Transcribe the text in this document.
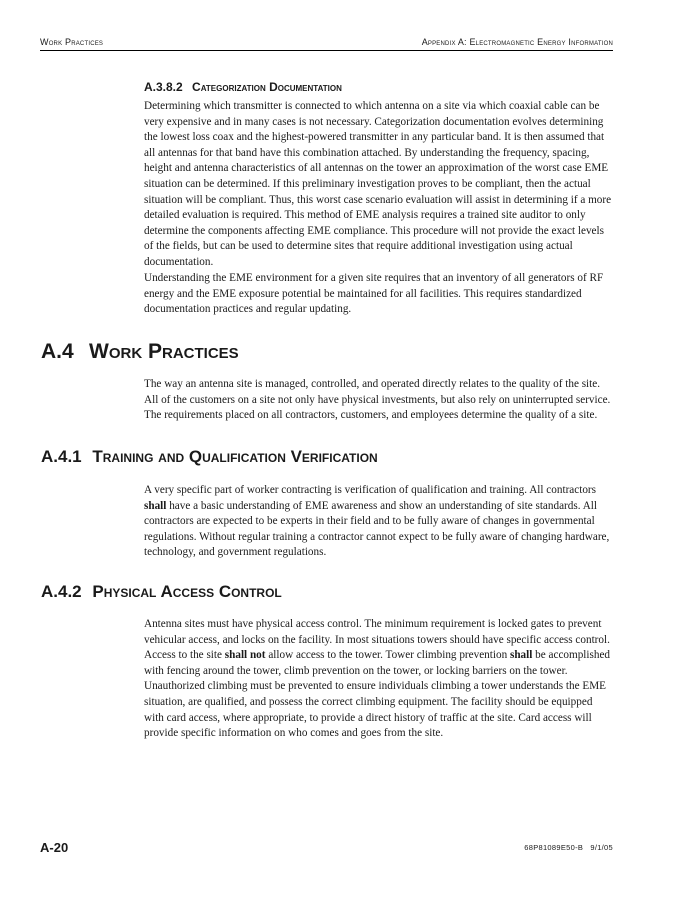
Work Practices	Appendix A: Electromagnetic Energy Information
A.3.8.2 Categorization Documentation

Determining which transmitter is connected to which antenna on a site via which coaxial cable can be very expensive and in many cases is not necessary. Categorization documentation evolves determining the lowest loss coax and the highest-powered transmitter in any particular band. It is then assumed that all antennas for that band have this combination attached. By understanding the frequency, spacing, height and antenna characteristics of all antennas on the tower an approximation of the worst case EME situation can be determined. If this preliminary investigation proves to be compliant, then the actual situation will be compliant. Thus, this worst case scenario evaluation will assist in determining if a more detailed evaluation is required. This method of EME analysis requires a trained site auditor to only determine the components affecting EME compliance. This procedure will not provide the exact levels of the fields, but can be used to determine sites that require additional investigation using actual documentation.

Understanding the EME environment for a given site requires that an inventory of all generators of RF energy and the EME exposure potential be maintained for all facilities. This requires standardized documentation practices and regular updating.

A.4 Work Practices

The way an antenna site is managed, controlled, and operated directly relates to the quality of the site. All of the customers on a site not only have physical investments, but also rely on uninterrupted service. The requirements placed on all contractors, customers, and employees determine the quality of a site.

A.4.1 Training and Qualification Verification

A very specific part of worker contracting is verification of qualification and training. All contractors shall have a basic understanding of EME awareness and show an understanding of site standards. All contractors are expected to be experts in their field and to be fully aware of changes in governmental regulations. Without regular training a contractor cannot expect to be fully aware of changing hardware, technology, and government regulations.

A.4.2 Physical Access Control

Antenna sites must have physical access control. The minimum requirement is locked gates to prevent vehicular access, and locks on the facility. In most situations towers should have specific access control. Access to the site shall not allow access to the tower. Tower climbing prevention shall be accomplished with fencing around the tower, climb prevention on the tower, or locking barriers on the tower. Unauthorized climbing must be prevented to ensure individuals climbing a tower understands the EME situation, are qualified, and possess the correct climbing equipment. The facility should be equipped with card access, where appropriate, to provide a direct history of traffic at the site. Card access will provide specific information on who comes and goes from the site.

A-20	68P81089E50-B   9/1/05
